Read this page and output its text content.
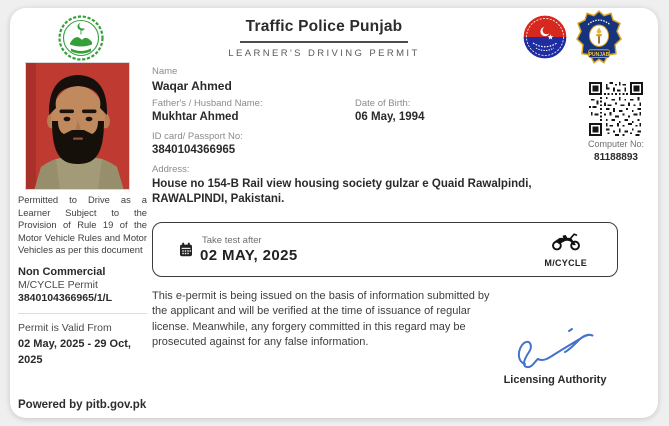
Traffic Police Punjab
LEARNER'S DRIVING PERMIT	PUNJAB

Permitted to Drive as a Learner Subject to the Provision of Rule 19 of the Motor Vehicle Rules and Motor Vehicles as per this document

Non Commercial
M/CYCLE Permit
3840104366965/1/L
Permit is Valid From
02 May, 2025 - 29 Oct, 2025
Name
Waqar Ahmed
Father's / Husband Name:
Mukhtar Ahmed
Date of Birth:
06 May, 1994
ID card/ Passport No:
3840104366965
Address:
House no 154-B Rail view housing society gulzar e Quaid Rawalpindi, RAWALPINDI, Pakistani.
Computer No:
81188893
Take test after
02 MAY, 2025	M/CYCLE

This e-permit is being issued on the basis of information submitted by the applicant and will be verified at the time of issuance of regular license. Meanwhile, any forgery committed in this regard may be prosecuted against for any false information.

Licensing Authority
Powered by pitb.gov.pk
